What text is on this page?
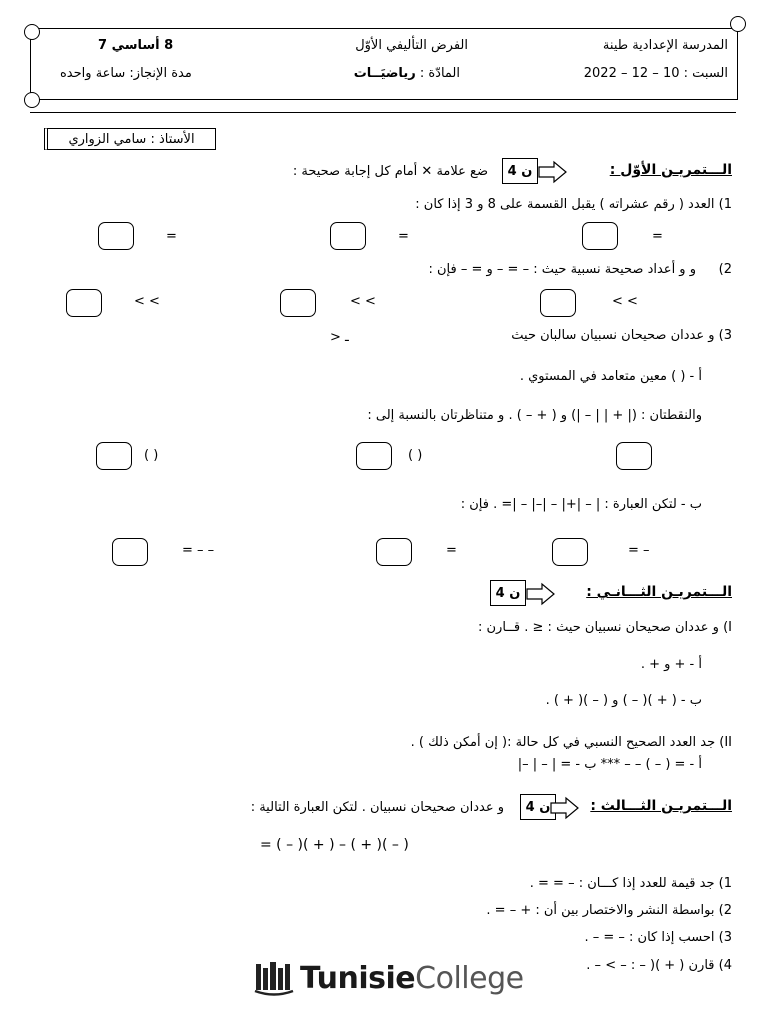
المدرسة الإعدادية طينة
السبت : 10 – 12 – 2022
الفرض التأليفي الأوّل
المادّة : رياضيَــات
8 أساسي 7
مدة الإنجاز: ساعة واحده
الأستاذ : سامي الزواري
الـــتمريـن الأوّل :
4 ن
ضع علامة ✕ أمام كل إجابة صحيحة :
1) العدد ( رقم عشراته ) يقبل القسمة على 8 و 3 إذا كان :
=	=	=
2)
و و أعداد صحيحة نسبية حيث : – = – و = – فإن :
< <	< <	< <
3) و عددان صحيحان نسبيان سالبان حيث
> ـ
أ - ( ) معين متعامد في المستوي .
والنقطتان : (| + | | – |) و ( + – ) . و متناظرتان بالنسبة إلى :
( )	( )
ب - لتكن العبارة : | – |+| – |–| – |= . فإن :
= – –	=	= –
الـــتمريـن الثـــانـي :
4 ن
I) و عددان صحيحان نسبيان حيث : ≤ . قــارن :
أ - + و + .
ب - ( + )( – ) و ( – )( + ) .
II) جد العدد الصحيح النسبي في كل حالة :( إن أمكن ذلك ) .
أ - = ( – ) – – *** ب - = | – | –|
الـــتمريـن الثـــالث :
4 ن
و عددان صحيحان نسبيان . لتكن العبارة التالية :
= ( – )( + ) – ( + )( – )
1) جد قيمة للعدد إذا كـــان : – = = .
2) بواسطة النشر والاختصار بين أن : + – = .
3) احسب إذا كان : – = – .
4) قارن ( + )( – : – > – .
TunisieCollege
